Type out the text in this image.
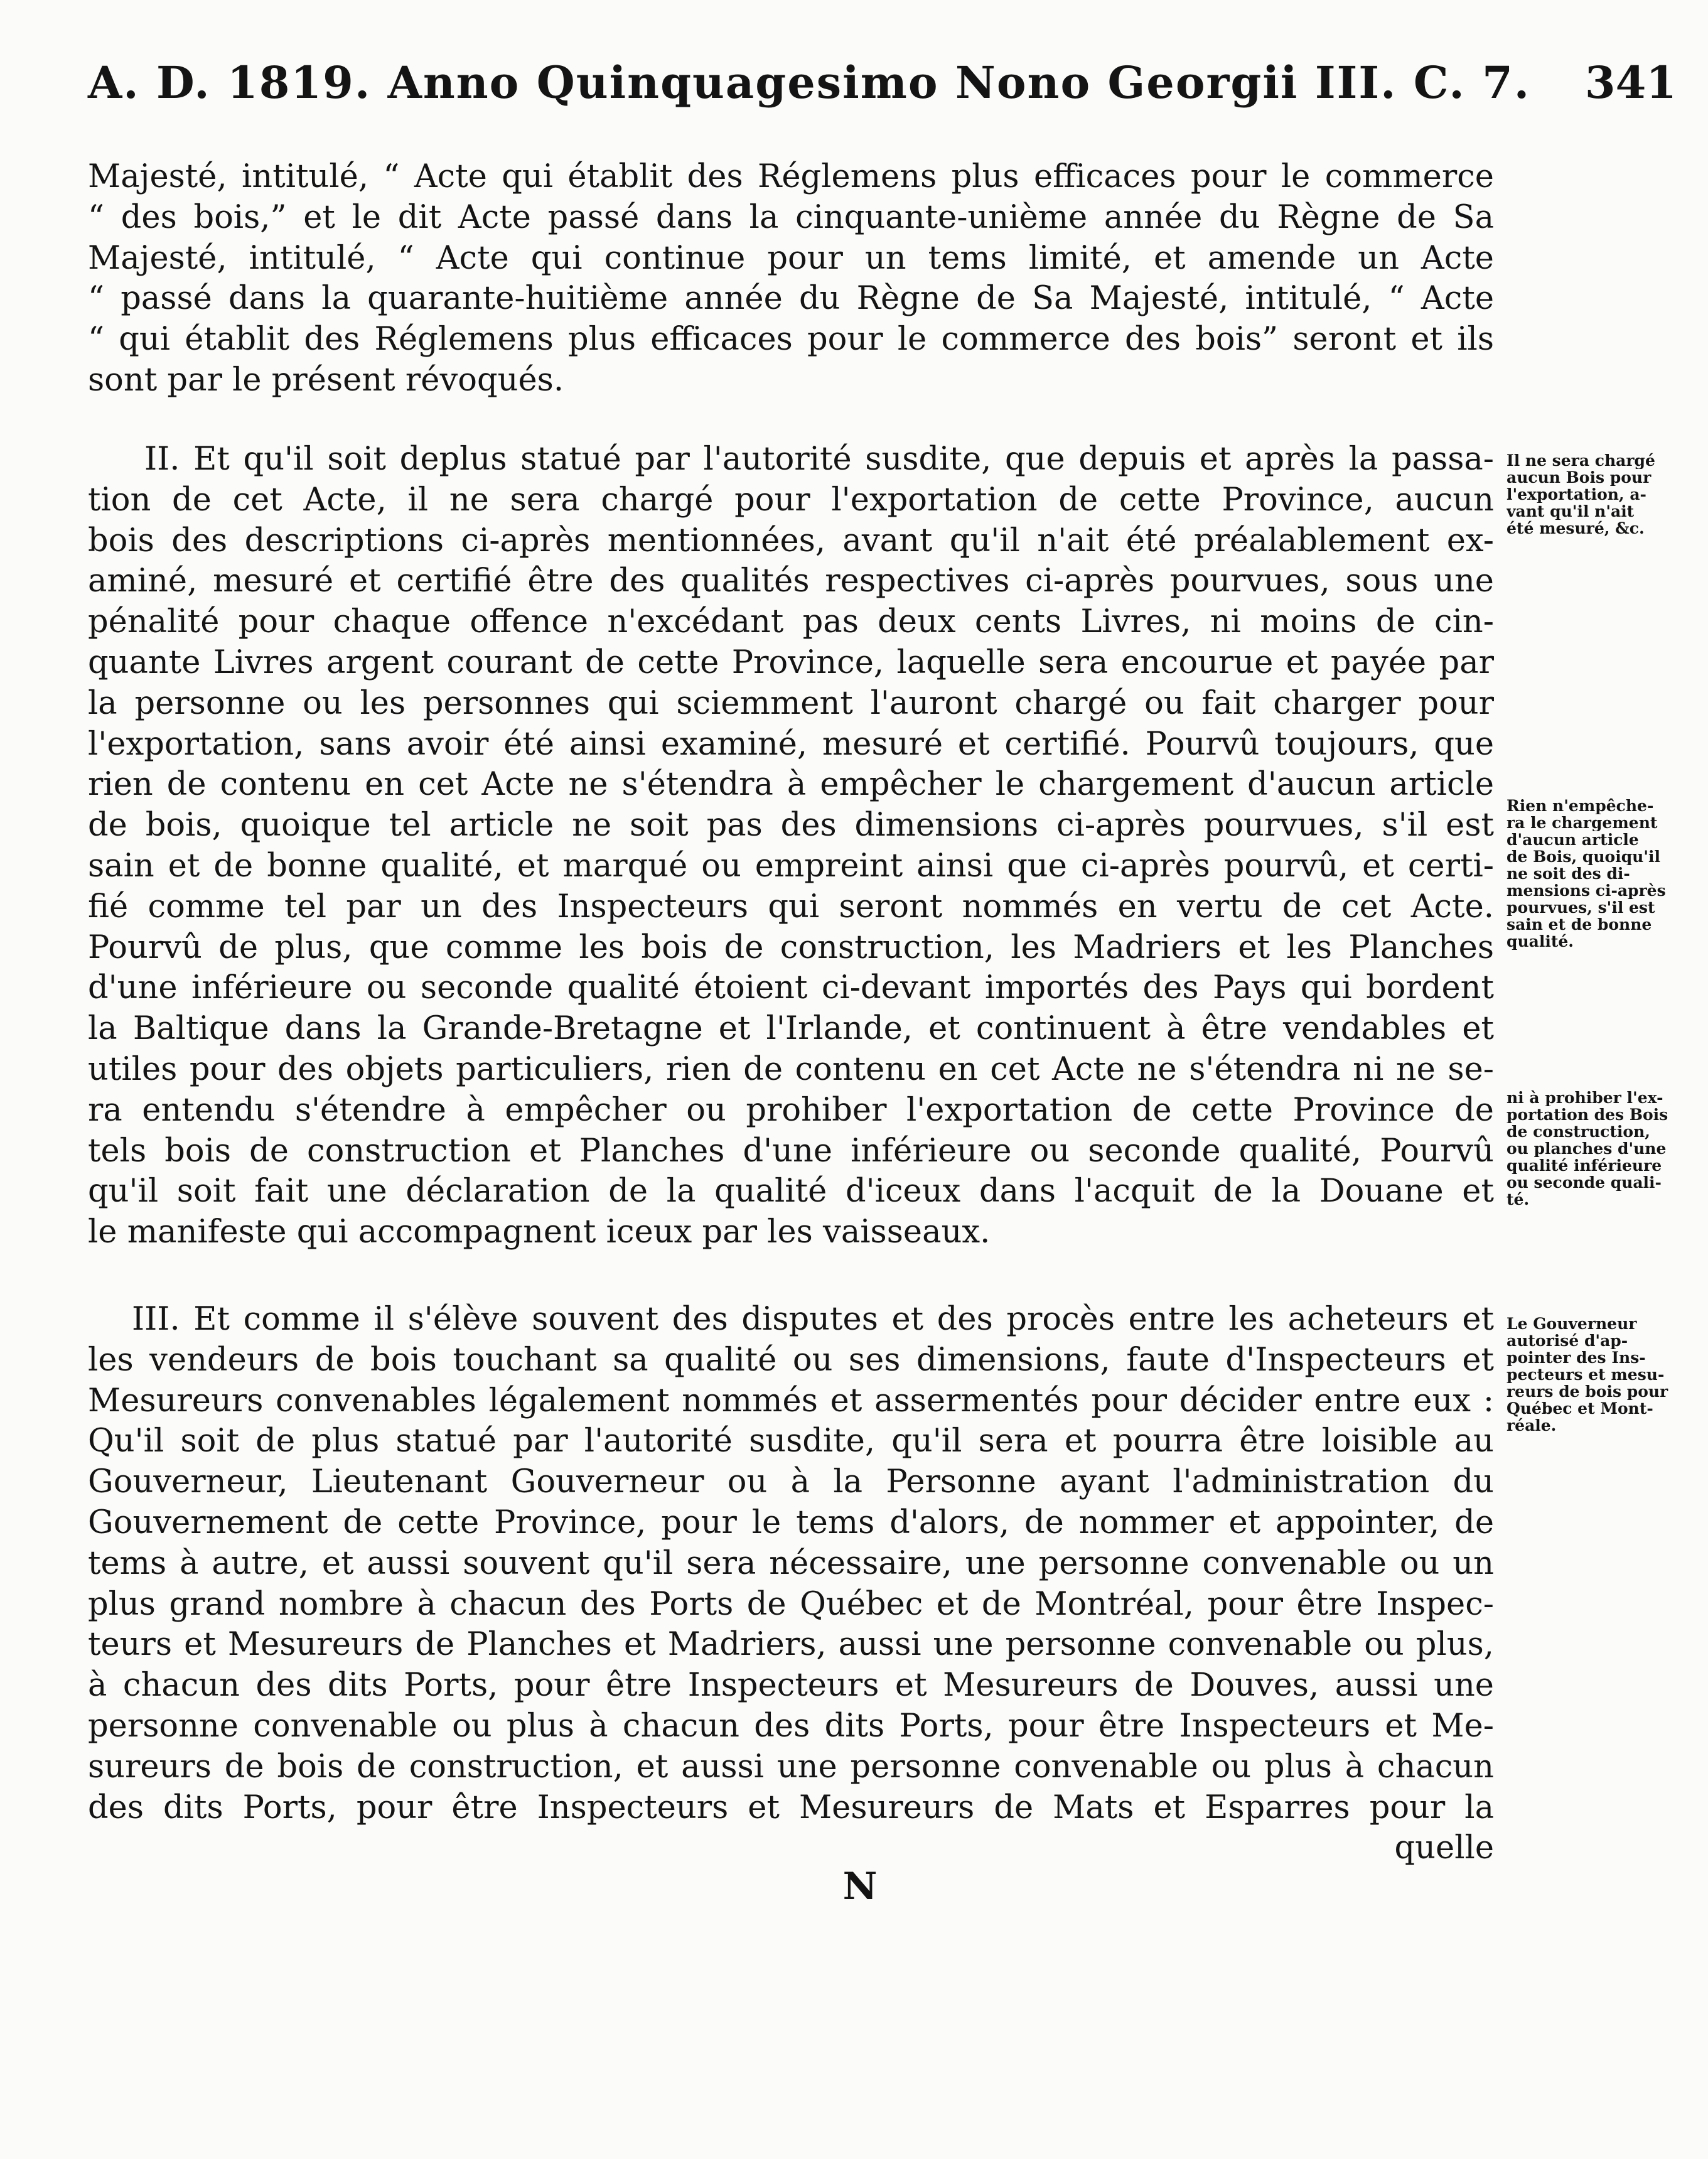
A. D. 1819. Anno Quinquagesimo Nono Georgii III. C. 7. 341
Majesté, intitulé, “ Acte qui établit des Réglemens plus efficaces pour le commerce
“ des bois,” et le dit Acte passé dans la cinquante-unième année du Règne de Sa
Majesté, intitulé, “ Acte qui continue pour un tems limité, et amende un Acte
“ passé dans la quarante-huitième année du Règne de Sa Majesté, intitulé, “ Acte
“ qui établit des Réglemens plus efficaces pour le commerce des bois” seront et ils
sont par le présent révoqués.
II. Et qu'il soit deplus statué par l'autorité susdite, que depuis et après la passa-
tion de cet Acte, il ne sera chargé pour l'exportation de cette Province, aucun
bois des descriptions ci-après mentionnées, avant qu'il n'ait été préalablement ex-
aminé, mesuré et certifié être des qualités respectives ci-après pourvues, sous une
pénalité pour chaque offence n'excédant pas deux cents Livres, ni moins de cin-
quante Livres argent courant de cette Province, laquelle sera encourue et payée par
la personne ou les personnes qui sciemment l'auront chargé ou fait charger pour
l'exportation, sans avoir été ainsi examiné, mesuré et certifié. Pourvû toujours, que
rien de contenu en cet Acte ne s'étendra à empêcher le chargement d'aucun article
de bois, quoique tel article ne soit pas des dimensions ci-après pourvues, s'il est
sain et de bonne qualité, et marqué ou empreint ainsi que ci-après pourvû, et certi-
fié comme tel par un des Inspecteurs qui seront nommés en vertu de cet Acte.
Pourvû de plus, que comme les bois de construction, les Madriers et les Planches
d'une inférieure ou seconde qualité étoient ci-devant importés des Pays qui bordent
la Baltique dans la Grande-Bretagne et l'Irlande, et continuent à être vendables et
utiles pour des objets particuliers, rien de contenu en cet Acte ne s'étendra ni ne se-
ra entendu s'étendre à empêcher ou prohiber l'exportation de cette Province de
tels bois de construction et Planches d'une inférieure ou seconde qualité, Pourvû
qu'il soit fait une déclaration de la qualité d'iceux dans l'acquit de la Douane et
le manifeste qui accompagnent iceux par les vaisseaux.
III. Et comme il s'élève souvent des disputes et des procès entre les acheteurs et
les vendeurs de bois touchant sa qualité ou ses dimensions, faute d'Inspecteurs et
Mesureurs convenables légalement nommés et assermentés pour décider entre eux :
Qu'il soit de plus statué par l'autorité susdite, qu'il sera et pourra être loisible au
Gouverneur, Lieutenant Gouverneur ou à la Personne ayant l'administration du
Gouvernement de cette Province, pour le tems d'alors, de nommer et appointer, de
tems à autre, et aussi souvent qu'il sera nécessaire, une personne convenable ou un
plus grand nombre à chacun des Ports de Québec et de Montréal, pour être Inspec-
teurs et Mesureurs de Planches et Madriers, aussi une personne convenable ou plus,
à chacun des dits Ports, pour être Inspecteurs et Mesureurs de Douves, aussi une
personne convenable ou plus à chacun des dits Ports, pour être Inspecteurs et Me-
sureurs de bois de construction, et aussi une personne convenable ou plus à chacun
des dits Ports, pour être Inspecteurs et Mesureurs de Mats et Esparres pour la
quelle
Il ne sera chargé
aucun Bois pour
l'exportation, a-
vant qu'il n'ait
été mesuré, &c.
Rien n'empêche-
ra le chargement
d'aucun article
de Bois, quoiqu'il
ne soit des di-
mensions ci-après
pourvues, s'il est
sain et de bonne
qualité.
ni à prohiber l'ex-
portation des Bois
de construction,
ou planches d'une
qualité inférieure
ou seconde quali-
té.
Le Gouverneur
autorisé d'ap-
pointer des Ins-
pecteurs et mesu-
reurs de bois pour
Québec et Mont-
réale.
N
